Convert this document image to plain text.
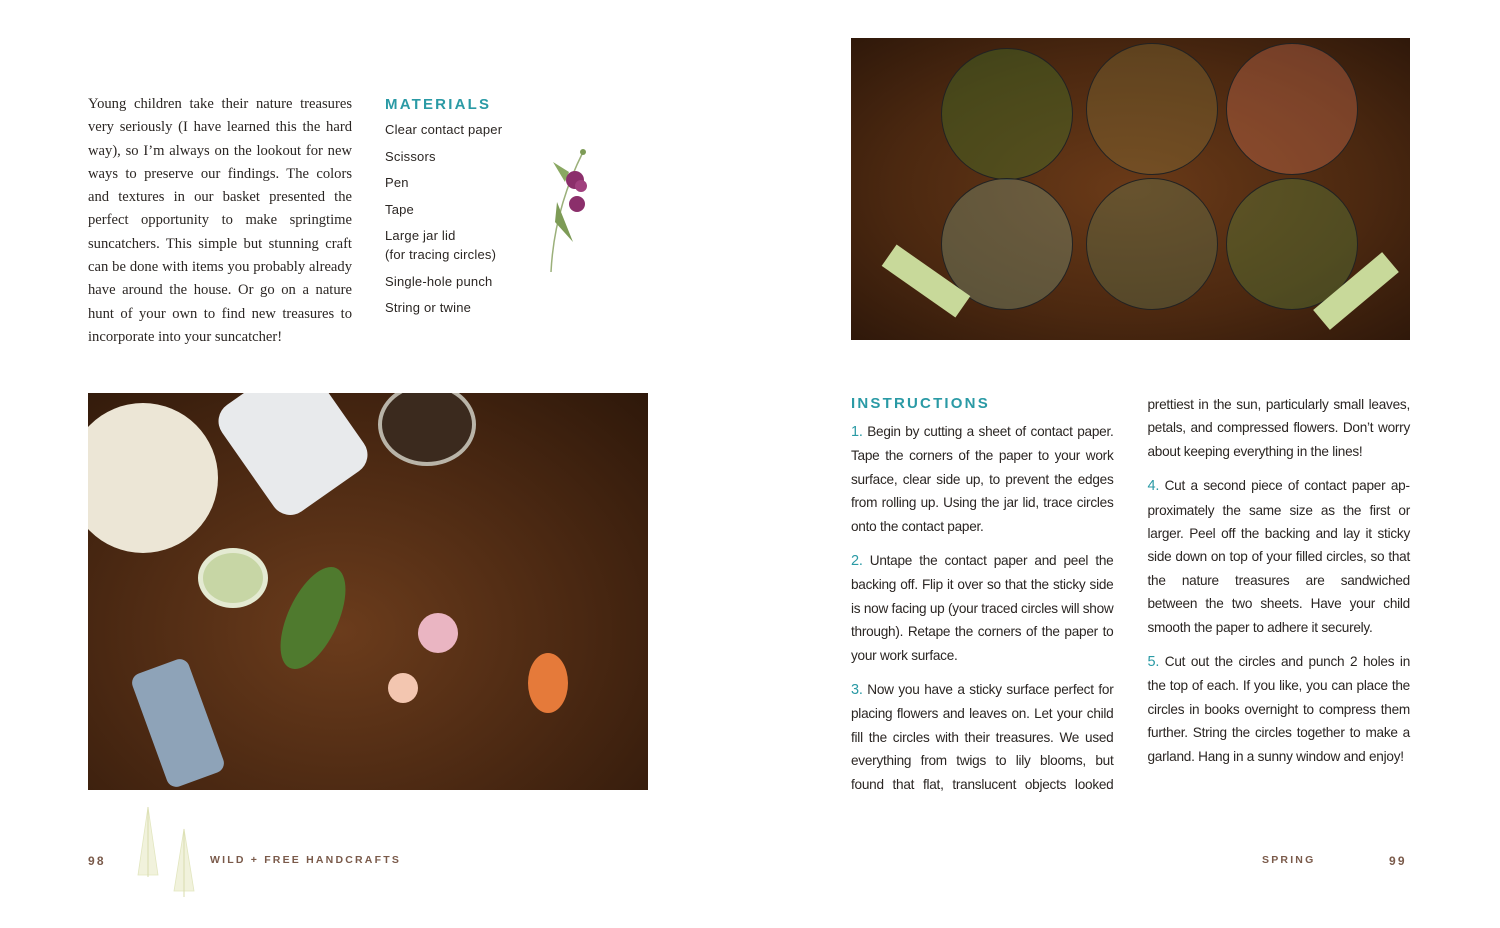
Young children take their nature treasures very seriously (I have learned this the hard way), so I’m always on the lookout for new ways to preserve our findings. The colors and textures in our basket presented the perfect opportunity to make springtime suncatchers. This simple but stunning craft can be done with items you probably already have around the house. Or go on a nature hunt of your own to find new treasures to incorporate into your suncatcher!

MATERIALS
Clear contact paper
Scissors
Pen
Tape
Large jar lid
(for tracing circles)
Single-hole punch
String or twine
INSTRUCTIONS

1. Begin by cutting a sheet of contact paper. Tape the corners of the paper to your work surface, clear side up, to prevent the edges from rolling up. Using the jar lid, trace circles onto the contact paper.

2. Untape the contact paper and peel the backing off. Flip it over so that the sticky side is now facing up (your traced circles will show through). Retape the corners of the paper to your work surface.

3. Now you have a sticky surface perfect for placing flowers and leaves on. Let your child fill the circles with their treasures. We used everything from twigs to lily blooms, but found that flat, translucent objects looked prettiest in the sun, particularly small leaves, petals, and compressed flowers. Don’t worry about keeping everything in the lines!

4. Cut a second piece of contact paper approximately the same size as the first or larger. Peel off the backing and lay it sticky side down on top of your filled circles, so that the nature treasures are sandwiched between the two sheets. Have your child smooth the paper to adhere it securely.

5. Cut out the circles and punch 2 holes in the top of each. If you like, you can place the circles in books overnight to compress them further. String the circles together to make a garland. Hang in a sunny window and enjoy!

98	WILD + FREE HANDCRAFTS	SPRING	99
